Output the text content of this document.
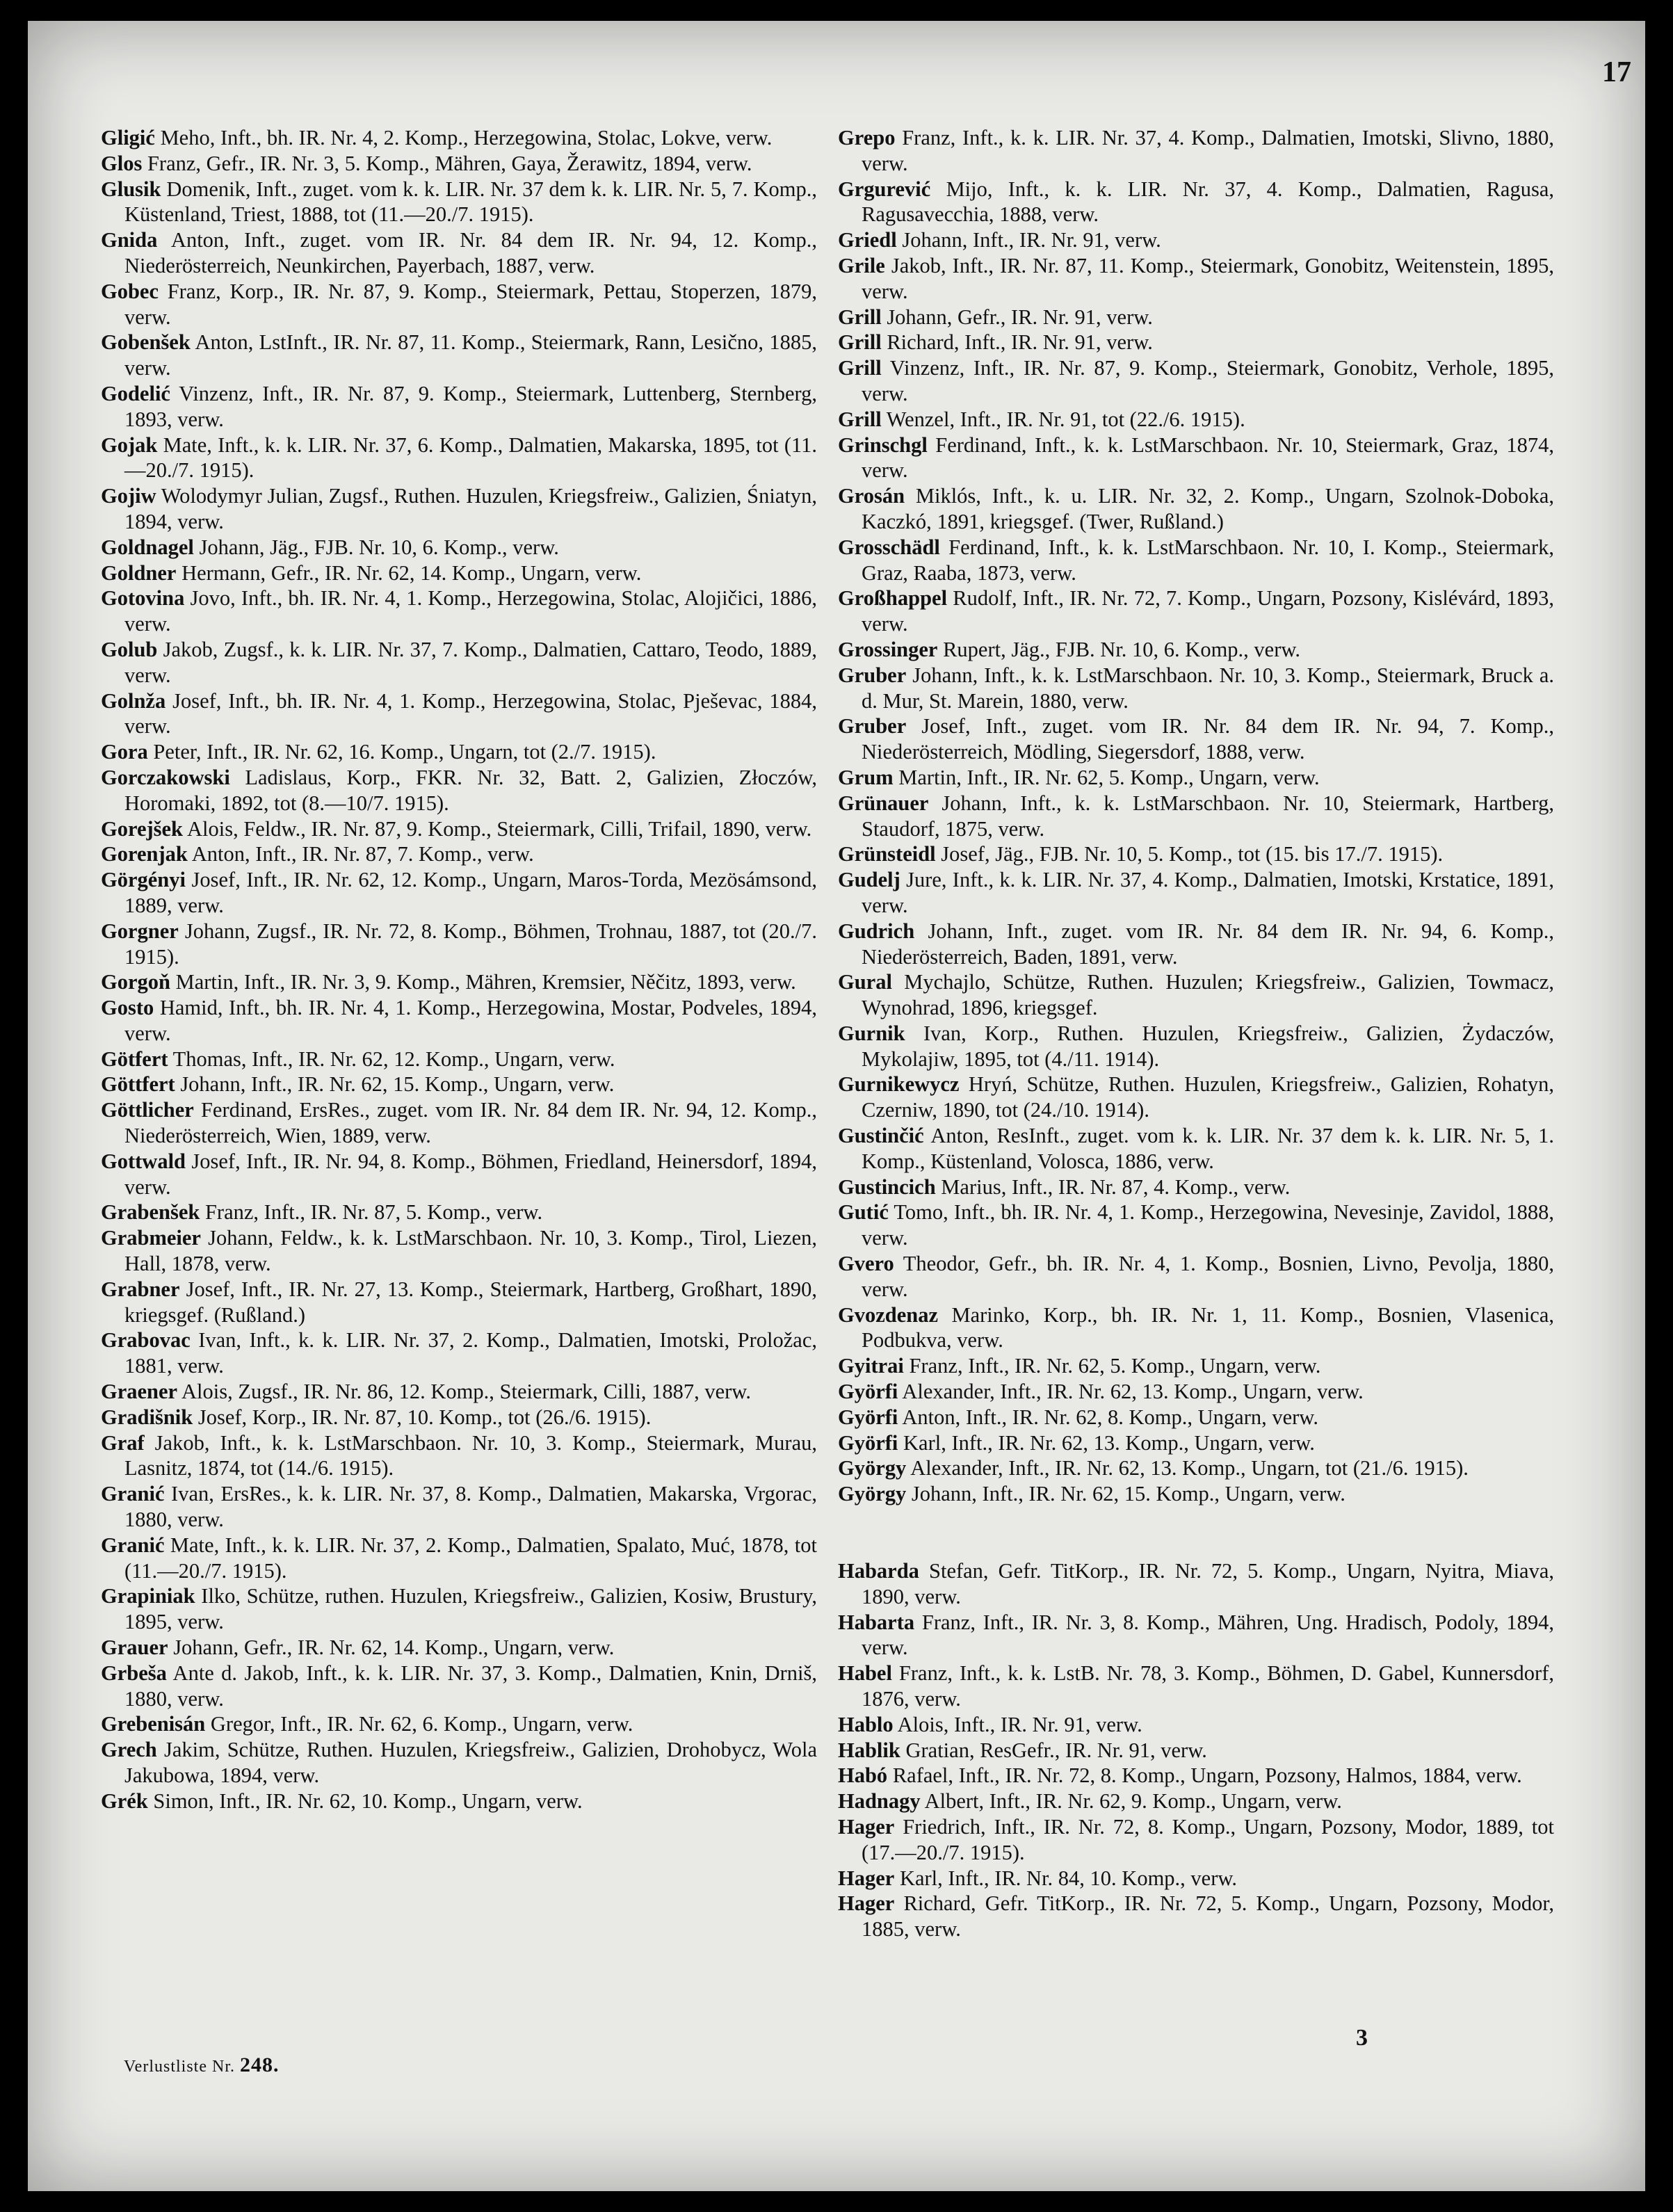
17

Gligić Meho, Inft., bh. IR. Nr. 4, 2. Komp., Herzegowina, Stolac, Lokve, verw.

Glos Franz, Gefr., IR. Nr. 3, 5. Komp., Mähren, Gaya, Žerawitz, 1894, verw.

Glusik Domenik, Inft., zuget. vom k. k. LIR. Nr. 37 dem k. k. LIR. Nr. 5, 7. Komp., Küstenland, Triest, 1888, tot (11.—20./7. 1915).

Gnida Anton, Inft., zuget. vom IR. Nr. 84 dem IR. Nr. 94, 12. Komp., Niederösterreich, Neunkirchen, Payerbach, 1887, verw.

Gobec Franz, Korp., IR. Nr. 87, 9. Komp., Steiermark, Pettau, Stoperzen, 1879, verw.

Gobenšek Anton, LstInft., IR. Nr. 87, 11. Komp., Steiermark, Rann, Lesično, 1885, verw.

Godelić Vinzenz, Inft., IR. Nr. 87, 9. Komp., Steiermark, Luttenberg, Sternberg, 1893, verw.

Gojak Mate, Inft., k. k. LIR. Nr. 37, 6. Komp., Dalmatien, Makarska, 1895, tot (11.—20./7. 1915).

Gojiw Wolodymyr Julian, Zugsf., Ruthen. Huzulen, Kriegsfreiw., Galizien, Śniatyn, 1894, verw.

Goldnagel Johann, Jäg., FJB. Nr. 10, 6. Komp., verw.

Goldner Hermann, Gefr., IR. Nr. 62, 14. Komp., Ungarn, verw.

Gotovina Jovo, Inft., bh. IR. Nr. 4, 1. Komp., Herzegowina, Stolac, Alojičici, 1886, verw.

Golub Jakob, Zugsf., k. k. LIR. Nr. 37, 7. Komp., Dalmatien, Cattaro, Teodo, 1889, verw.

Golnža Josef, Inft., bh. IR. Nr. 4, 1. Komp., Herzegowina, Stolac, Pješevac, 1884, verw.

Gora Peter, Inft., IR. Nr. 62, 16. Komp., Ungarn, tot (2./7. 1915).

Gorczakowski Ladislaus, Korp., FKR. Nr. 32, Batt. 2, Galizien, Złoczów, Horomaki, 1892, tot (8.—10/7. 1915).

Gorejšek Alois, Feldw., IR. Nr. 87, 9. Komp., Steiermark, Cilli, Trifail, 1890, verw.

Gorenjak Anton, Inft., IR. Nr. 87, 7. Komp., verw.

Görgényi Josef, Inft., IR. Nr. 62, 12. Komp., Ungarn, Maros-Torda, Mezösámsond, 1889, verw.

Gorgner Johann, Zugsf., IR. Nr. 72, 8. Komp., Böhmen, Trohnau, 1887, tot (20./7. 1915).

Gorgoň Martin, Inft., IR. Nr. 3, 9. Komp., Mähren, Kremsier, Něčitz, 1893, verw.

Gosto Hamid, Inft., bh. IR. Nr. 4, 1. Komp., Herzegowina, Mostar, Podveles, 1894, verw.

Götfert Thomas, Inft., IR. Nr. 62, 12. Komp., Ungarn, verw.

Göttfert Johann, Inft., IR. Nr. 62, 15. Komp., Ungarn, verw.

Göttlicher Ferdinand, ErsRes., zuget. vom IR. Nr. 84 dem IR. Nr. 94, 12. Komp., Niederösterreich, Wien, 1889, verw.

Gottwald Josef, Inft., IR. Nr. 94, 8. Komp., Böhmen, Friedland, Heinersdorf, 1894, verw.

Grabenšek Franz, Inft., IR. Nr. 87, 5. Komp., verw.

Grabmeier Johann, Feldw., k. k. LstMarschbaon. Nr. 10, 3. Komp., Tirol, Liezen, Hall, 1878, verw.

Grabner Josef, Inft., IR. Nr. 27, 13. Komp., Steiermark, Hartberg, Großhart, 1890, kriegsgef. (Rußland.)

Grabovac Ivan, Inft., k. k. LIR. Nr. 37, 2. Komp., Dalmatien, Imotski, Proložac, 1881, verw.

Graener Alois, Zugsf., IR. Nr. 86, 12. Komp., Steiermark, Cilli, 1887, verw.

Gradišnik Josef, Korp., IR. Nr. 87, 10. Komp., tot (26./6. 1915).

Graf Jakob, Inft., k. k. LstMarschbaon. Nr. 10, 3. Komp., Steiermark, Murau, Lasnitz, 1874, tot (14./6. 1915).

Granić Ivan, ErsRes., k. k. LIR. Nr. 37, 8. Komp., Dalmatien, Makarska, Vrgorac, 1880, verw.

Granić Mate, Inft., k. k. LIR. Nr. 37, 2. Komp., Dalmatien, Spalato, Muć, 1878, tot (11.—20./7. 1915).

Grapiniak Ilko, Schütze, ruthen. Huzulen, Kriegsfreiw., Galizien, Kosiw, Brustury, 1895, verw.

Grauer Johann, Gefr., IR. Nr. 62, 14. Komp., Ungarn, verw.

Grbeša Ante d. Jakob, Inft., k. k. LIR. Nr. 37, 3. Komp., Dalmatien, Knin, Drniš, 1880, verw.

Grebenisán Gregor, Inft., IR. Nr. 62, 6. Komp., Ungarn, verw.

Grech Jakim, Schütze, Ruthen. Huzulen, Kriegsfreiw., Galizien, Drohobycz, Wola Jakubowa, 1894, verw.

Grék Simon, Inft., IR. Nr. 62, 10. Komp., Ungarn, verw.

Grepo Franz, Inft., k. k. LIR. Nr. 37, 4. Komp., Dalmatien, Imotski, Slivno, 1880, verw.

Grgurević Mijo, Inft., k. k. LIR. Nr. 37, 4. Komp., Dalmatien, Ragusa, Ragusavecchia, 1888, verw.

Griedl Johann, Inft., IR. Nr. 91, verw.

Grile Jakob, Inft., IR. Nr. 87, 11. Komp., Steiermark, Gonobitz, Weitenstein, 1895, verw.

Grill Johann, Gefr., IR. Nr. 91, verw.

Grill Richard, Inft., IR. Nr. 91, verw.

Grill Vinzenz, Inft., IR. Nr. 87, 9. Komp., Steiermark, Gonobitz, Verhole, 1895, verw.

Grill Wenzel, Inft., IR. Nr. 91, tot (22./6. 1915).

Grinschgl Ferdinand, Inft., k. k. LstMarschbaon. Nr. 10, Steiermark, Graz, 1874, verw.

Grosán Miklós, Inft., k. u. LIR. Nr. 32, 2. Komp., Ungarn, Szolnok-Doboka, Kaczkó, 1891, kriegsgef. (Twer, Rußland.)

Grosschädl Ferdinand, Inft., k. k. LstMarschbaon. Nr. 10, I. Komp., Steiermark, Graz, Raaba, 1873, verw.

Großhappel Rudolf, Inft., IR. Nr. 72, 7. Komp., Ungarn, Pozsony, Kislévárd, 1893, verw.

Grossinger Rupert, Jäg., FJB. Nr. 10, 6. Komp., verw.

Gruber Johann, Inft., k. k. LstMarschbaon. Nr. 10, 3. Komp., Steiermark, Bruck a. d. Mur, St. Marein, 1880, verw.

Gruber Josef, Inft., zuget. vom IR. Nr. 84 dem IR. Nr. 94, 7. Komp., Niederösterreich, Mödling, Siegersdorf, 1888, verw.

Grum Martin, Inft., IR. Nr. 62, 5. Komp., Ungarn, verw.

Grünauer Johann, Inft., k. k. LstMarschbaon. Nr. 10, Steiermark, Hartberg, Staudorf, 1875, verw.

Grünsteidl Josef, Jäg., FJB. Nr. 10, 5. Komp., tot (15. bis 17./7. 1915).

Gudelj Jure, Inft., k. k. LIR. Nr. 37, 4. Komp., Dalmatien, Imotski, Krstatice, 1891, verw.

Gudrich Johann, Inft., zuget. vom IR. Nr. 84 dem IR. Nr. 94, 6. Komp., Niederösterreich, Baden, 1891, verw.

Gural Mychajlo, Schütze, Ruthen. Huzulen; Kriegsfreiw., Galizien, Towmacz, Wynohrad, 1896, kriegsgef.

Gurnik Ivan, Korp., Ruthen. Huzulen, Kriegsfreiw., Galizien, Żydaczów, Mykolajiw, 1895, tot (4./11. 1914).

Gurnikewycz Hryń, Schütze, Ruthen. Huzulen, Kriegsfreiw., Galizien, Rohatyn, Czerniw, 1890, tot (24./10. 1914).

Gustinčić Anton, ResInft., zuget. vom k. k. LIR. Nr. 37 dem k. k. LIR. Nr. 5, 1. Komp., Küstenland, Volosca, 1886, verw.

Gustincich Marius, Inft., IR. Nr. 87, 4. Komp., verw.

Gutić Tomo, Inft., bh. IR. Nr. 4, 1. Komp., Herzegowina, Nevesinje, Zavidol, 1888, verw.

Gvero Theodor, Gefr., bh. IR. Nr. 4, 1. Komp., Bosnien, Livno, Pevolja, 1880, verw.

Gvozdenaz Marinko, Korp., bh. IR. Nr. 1, 11. Komp., Bosnien, Vlasenica, Podbukva, verw.

Gyitrai Franz, Inft., IR. Nr. 62, 5. Komp., Ungarn, verw.

Györfi Alexander, Inft., IR. Nr. 62, 13. Komp., Ungarn, verw.

Györfi Anton, Inft., IR. Nr. 62, 8. Komp., Ungarn, verw.

Györfi Karl, Inft., IR. Nr. 62, 13. Komp., Ungarn, verw.

György Alexander, Inft., IR. Nr. 62, 13. Komp., Ungarn, tot (21./6. 1915).

György Johann, Inft., IR. Nr. 62, 15. Komp., Ungarn, verw.

Habarda Stefan, Gefr. TitKorp., IR. Nr. 72, 5. Komp., Ungarn, Nyitra, Miava, 1890, verw.

Habarta Franz, Inft., IR. Nr. 3, 8. Komp., Mähren, Ung. Hradisch, Podoly, 1894, verw.

Habel Franz, Inft., k. k. LstB. Nr. 78, 3. Komp., Böhmen, D. Gabel, Kunnersdorf, 1876, verw.

Hablo Alois, Inft., IR. Nr. 91, verw.

Hablik Gratian, ResGefr., IR. Nr. 91, verw.

Habó Rafael, Inft., IR. Nr. 72, 8. Komp., Ungarn, Pozsony, Halmos, 1884, verw.

Hadnagy Albert, Inft., IR. Nr. 62, 9. Komp., Ungarn, verw.

Hager Friedrich, Inft., IR. Nr. 72, 8. Komp., Ungarn, Pozsony, Modor, 1889, tot (17.—20./7. 1915).

Hager Karl, Inft., IR. Nr. 84, 10. Komp., verw.

Hager Richard, Gefr. TitKorp., IR. Nr. 72, 5. Komp., Ungarn, Pozsony, Modor, 1885, verw.

Verlustliste Nr. 248.
3
